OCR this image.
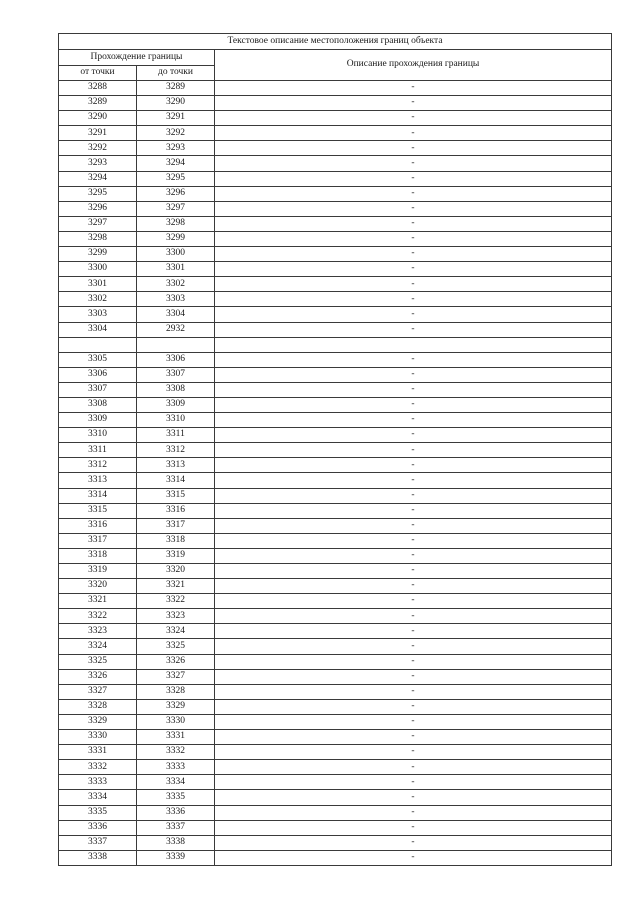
Текстовое описание местоположения границ объекта		
Прохождение границы		Описание прохождения границы
от точки	до точки	
3288	3289	-
3289	3290	-
3290	3291	-
3291	3292	-
3292	3293	-
3293	3294	-
3294	3295	-
3295	3296	-
3296	3297	-
3297	3298	-
3298	3299	-
3299	3300	-
3300	3301	-
3301	3302	-
3302	3303	-
3303	3304	-
3304	2932	-

3305	3306	-
3306	3307	-
3307	3308	-
3308	3309	-
3309	3310	-
3310	3311	-
3311	3312	-
3312	3313	-
3313	3314	-
3314	3315	-
3315	3316	-
3316	3317	-
3317	3318	-
3318	3319	-
3319	3320	-
3320	3321	-
3321	3322	-
3322	3323	-
3323	3324	-
3324	3325	-
3325	3326	-
3326	3327	-
3327	3328	-
3328	3329	-
3329	3330	-
3330	3331	-
3331	3332	-
3332	3333	-
3333	3334	-
3334	3335	-
3335	3336	-
3336	3337	-
3337	3338	-
3338	3339	-
